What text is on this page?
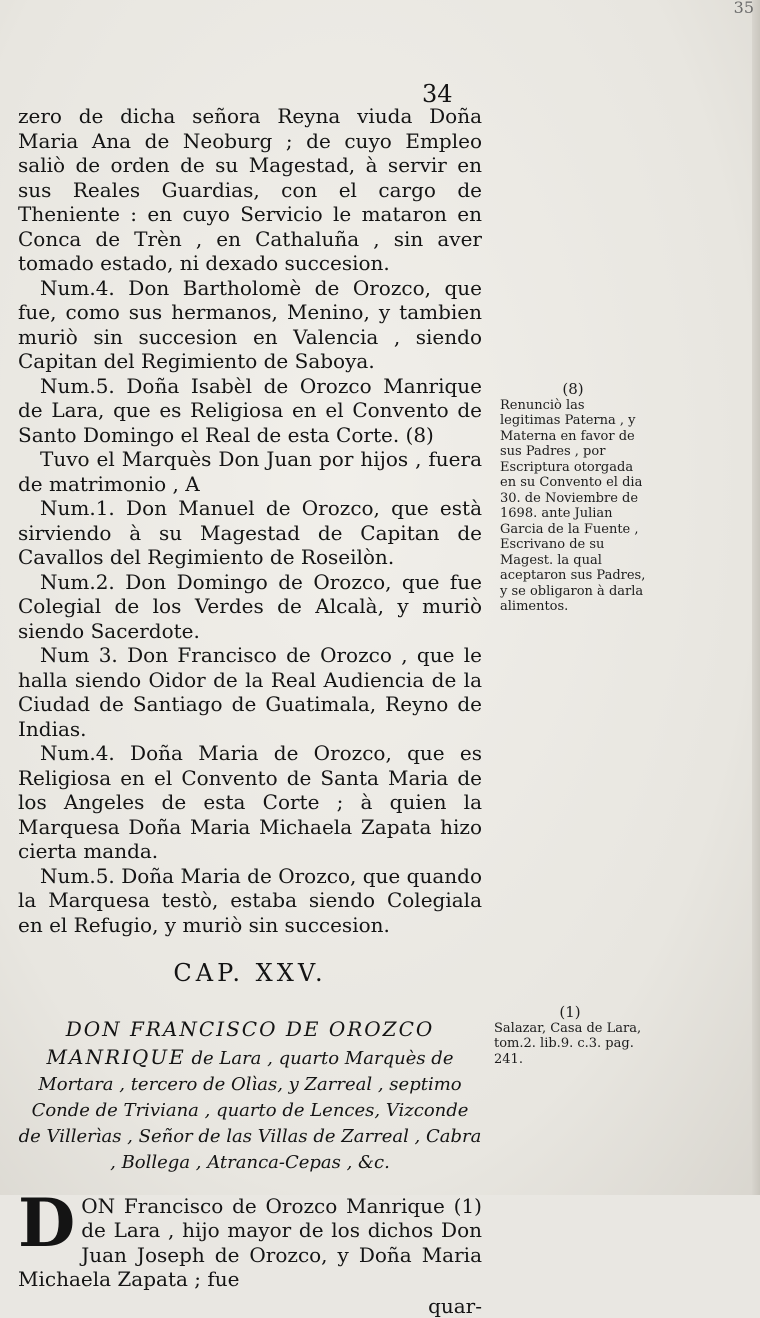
35
34

zero de dicha señora Reyna viuda Doña Maria Ana de Neoburg ; de cuyo Empleo saliò de orden de su Magestad, à servir en sus Reales Guardias, con el cargo de Theniente : en cuyo Servicio le mataron en Conca de Trèn , en Cathaluña , sin aver tomado estado, ni dexado succesion.

Num.4. Don Bartholomè de Orozco, que fue, como sus hermanos, Menino, y tambien muriò sin succesion en Valencia , siendo Capitan del Regimiento de Saboya.

Num.5. Doña Isabèl de Orozco Manrique de Lara, que es Religiosa en el Convento de Santo Domingo el Real de esta Corte. (8)

Tuvo el Marquès Don Juan por hijos , fuera de matrimonio , A

Num.1. Don Manuel de Orozco, que està sirviendo à su Magestad de Capitan de Cavallos del Regimiento de Roseilòn.

Num.2. Don Domingo de Orozco, que fue Colegial de los Verdes de Alcalà, y muriò siendo Sacerdote.

Num 3. Don Francisco de Orozco , que le halla siendo Oidor de la Real Audiencia de la Ciudad de Santiago de Guatimala, Reyno de Indias.

Num.4. Doña Maria de Orozco, que es Religiosa en el Convento de Santa Maria de los Angeles de esta Corte ; à quien la Marquesa Doña Maria Michaela Zapata hizo cierta manda.

Num.5. Doña Maria de Orozco, que quando la Marquesa testò, estaba siendo Colegiala en el Refugio, y muriò sin succesion.

CAP. XXV.

DON FRANCISCO DE OROZCO MANRIQUE de Lara , quarto Marquès de Mortara , tercero de Olìas, y Zarreal , septimo Conde de Triviana , quarto de Lences, Vizconde de Villerìas , Señor de las Villas de Zarreal , Cabra , Bollega , Atranca-Cepas , &c.

D ON Francisco de Orozco Manrique (1) de Lara , hijo mayor de los dichos Don Juan Joseph de Orozco, y Doña Maria Michaela Zapata ; fue

quar-

(8)
Renunciò las legitimas Paterna , y Materna en favor de sus Padres , por Escriptura otorgada en su Convento el dia 30. de Noviembre de 1698. ante Julian Garcia de la Fuente , Escrivano de su Magest. la qual aceptaron sus Padres, y se obligaron à darla alimentos.
(1)
Salazar, Casa de Lara, tom.2. lib.9. c.3. pag. 241.
